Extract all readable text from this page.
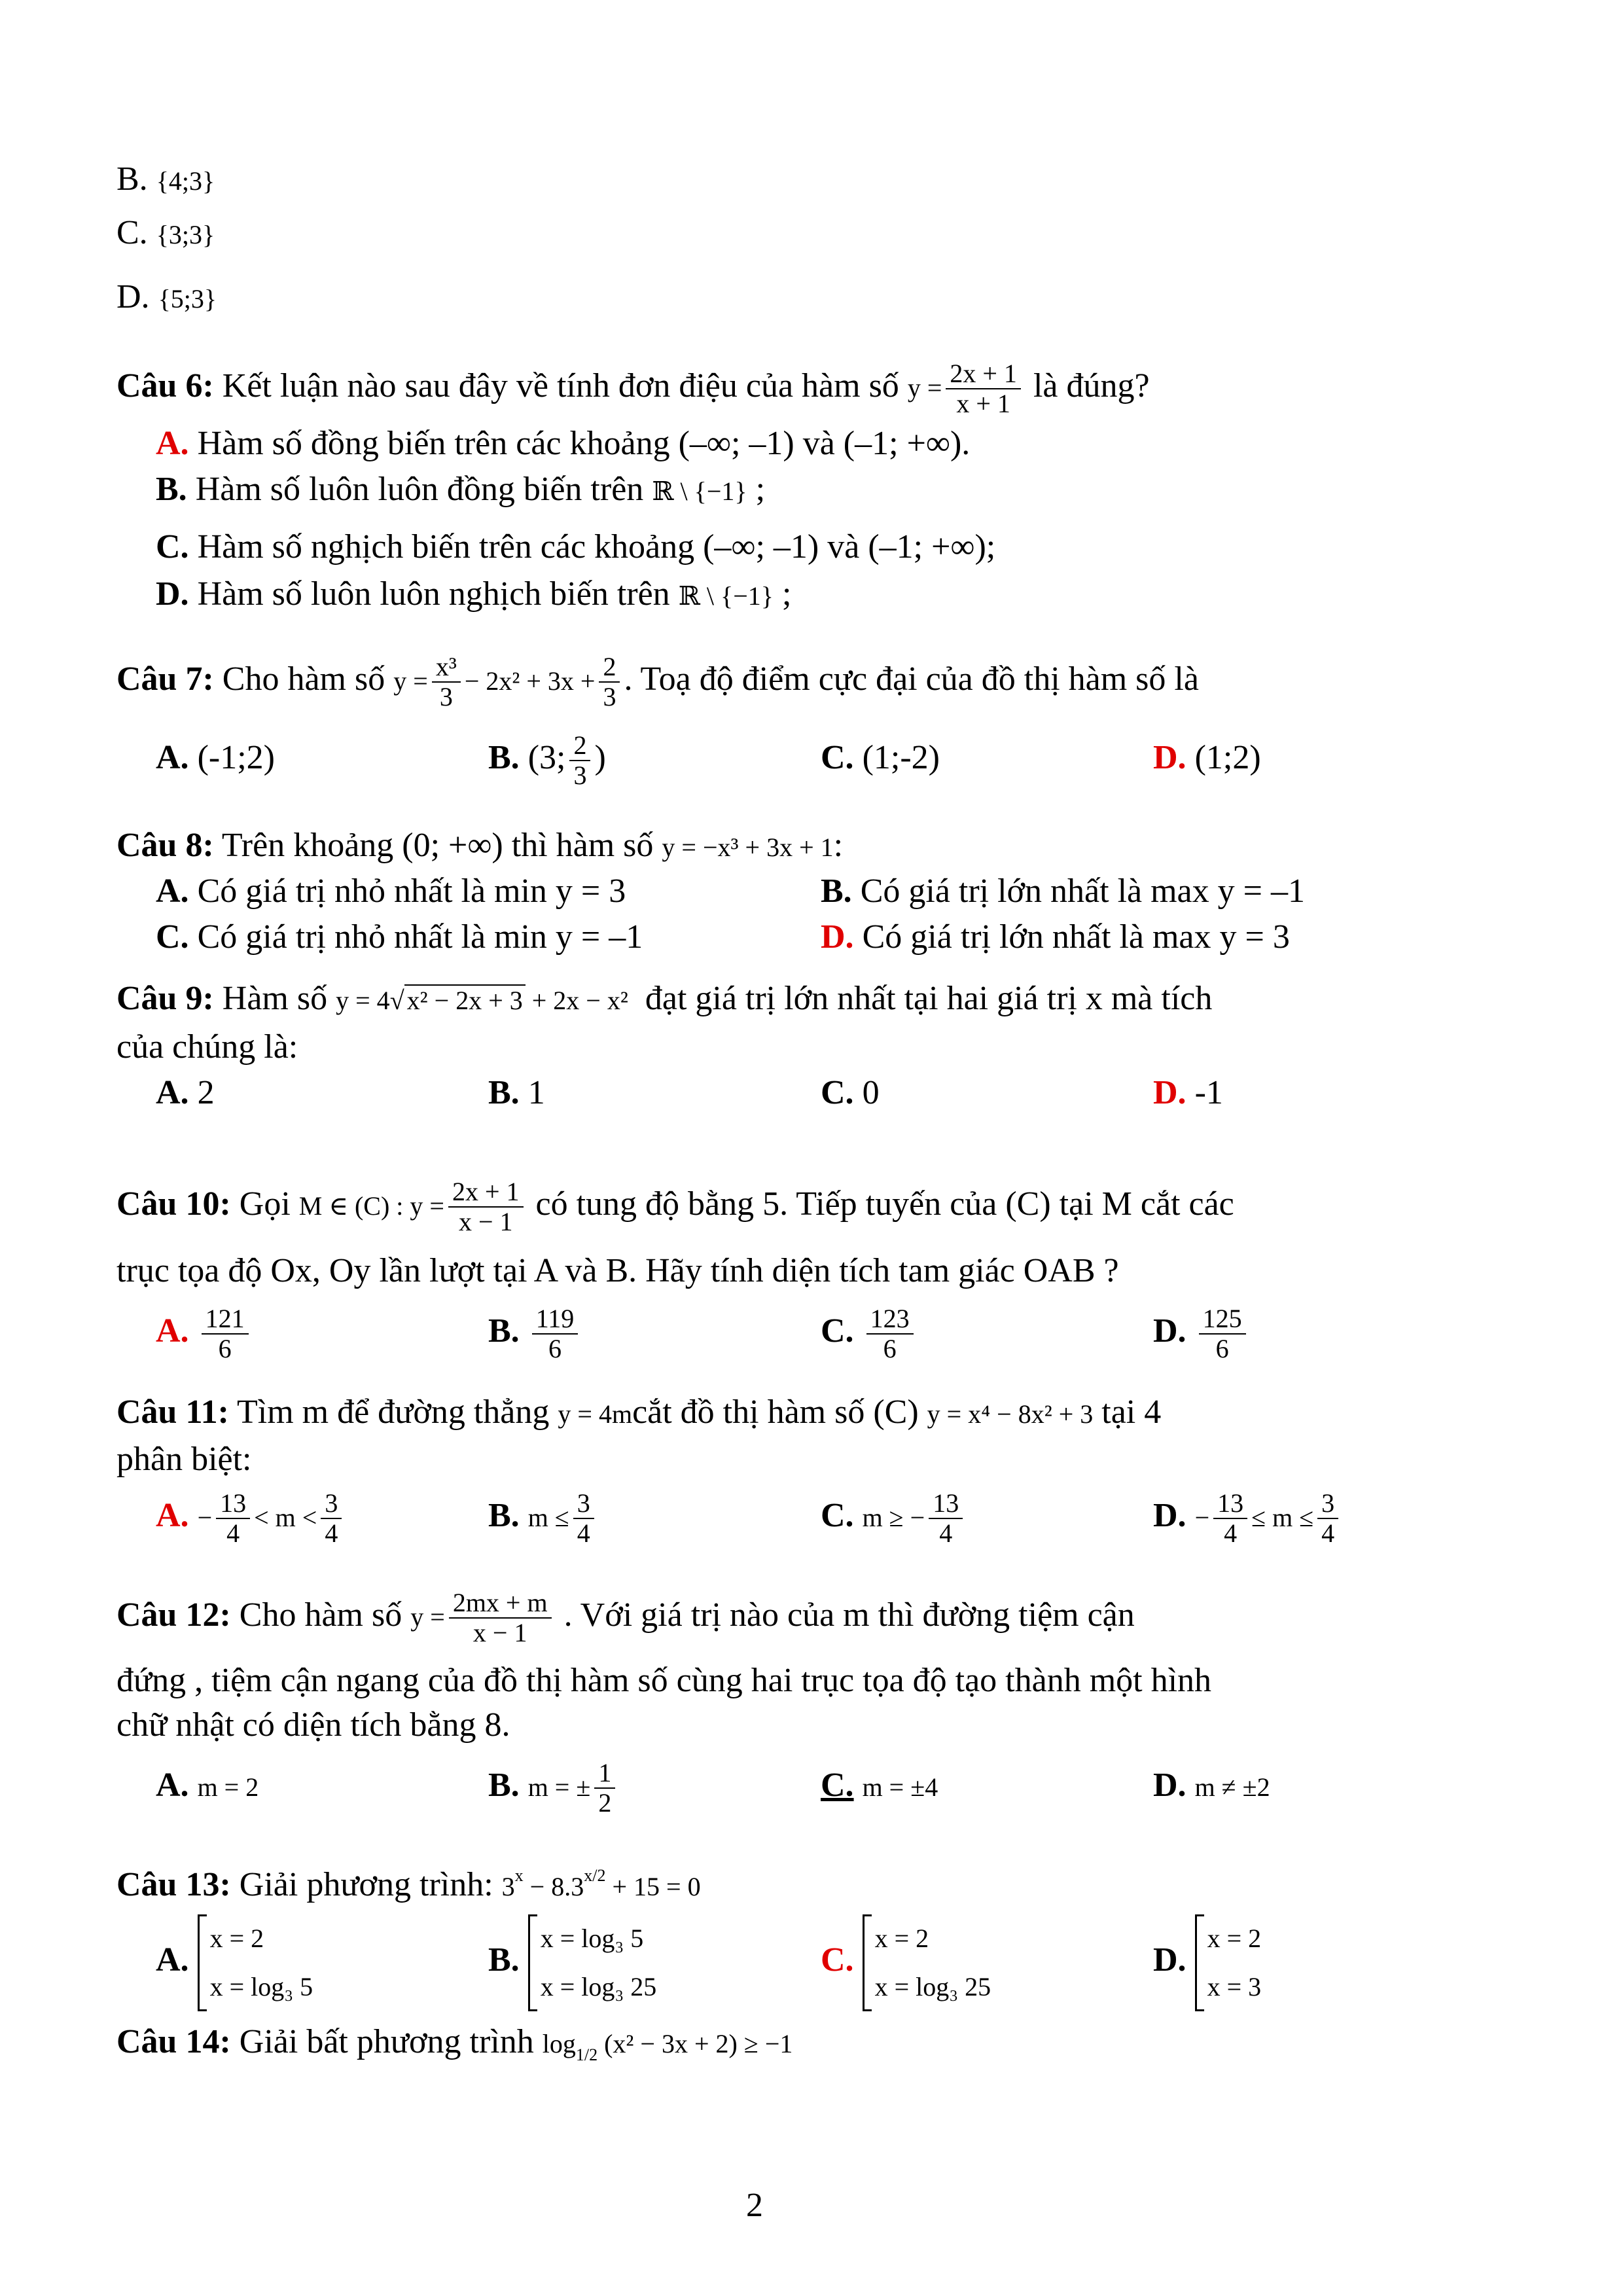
B. {4;3}
C. {3;3}
D. {5;3}
Câu 6: Kết luận nào sau đây về tính đơn điệu của hàm số $y = \frac{2x + 1}{x + 1}$ là đúng?
A. Hàm số đồng biến trên các khoảng (–∞; –1) và (–1; +∞).
B. Hàm số luôn luôn đồng biến trên ℝ \ {−1} ;
C. Hàm số nghịch biến trên các khoảng (–∞; –1) và (–1; +∞);
D. Hàm số luôn luôn nghịch biến trên ℝ \ {−1} ;
Câu 7: Cho hàm số $y = \frac{\text{x³}}{3} - 2x^2 + 3x + \frac{2}{3}$ . Toạ độ điểm cực đại của đồ thị hàm số là
A. (-1;2)	B. (3; $\frac{2}{3}$ )	C. (1;-2)	D. (1;2)
Câu 8: Trên khoảng (0; +∞) thì hàm số y = −x³ + 3x + 1:
A. Có giá trị nhỏ nhất là min y = 3	B. Có giá trị lớn nhất là max y = –1
C. Có giá trị nhỏ nhất là min y = –1	D. Có giá trị lớn nhất là max y = 3
Câu 9: Hàm số y = 4√ x² − 2x + 3 + 2x − x² đạt giá trị lớn nhất tại hai giá trị x mà tích
của chúng là:
A. 2	B. 1	C. 0	D. -1
Câu 10: Gọi M ∈ (C) : $y = \frac{2x + 1}{x - 1}$ có tung độ bằng 5. Tiếp tuyến của (C) tại M cắt các
trục tọa độ Ox, Oy lần lượt tại A và B. Hãy tính diện tích tam giác OAB ?
A. $\frac{121}{6}$	B. $\frac{119}{6}$	C. $\frac{123}{6}$	D. $\frac{125}{6}$
Câu 11: Tìm m để đường thẳng y = 4mcắt đồ thị hàm số (C) y = x⁴ − 8x² + 3 tại 4
phân biệt:
A. − $\frac{13}{4} < m < \frac{3}{4}$	B. $m \le \frac{3}{4}$	C. m ≥ − $\frac{13}{4}$	D. − $\frac{13}{4} \le m \le \frac{3}{4}$
Câu 12: Cho hàm số $y = \frac{2mx + m}{x - 1}$ . Với giá trị nào của m thì đường tiệm cận
đứng , tiệm cận ngang của đồ thị hàm số cùng hai trục tọa độ tạo thành một hình
chữ nhật có diện tích bằng 8.
A. m = 2	B. m = ± $\frac{1}{2}$	C. m = ±4	D. m ≠ ±2
Câu 13: Giải phương trình: $3^x - 8.3^{x/2} + 15 = 0$
A.
x = 2
x = log₃ 5
B.
x = log₃ 5
x = log₃ 25
C.
x = 2
x = log₃ 25
D.
x = 2
x = 3
Câu 14: Giải bất phương trình $\log_{1/2} (x^2 - 3x + 2) \ge -1$
2
